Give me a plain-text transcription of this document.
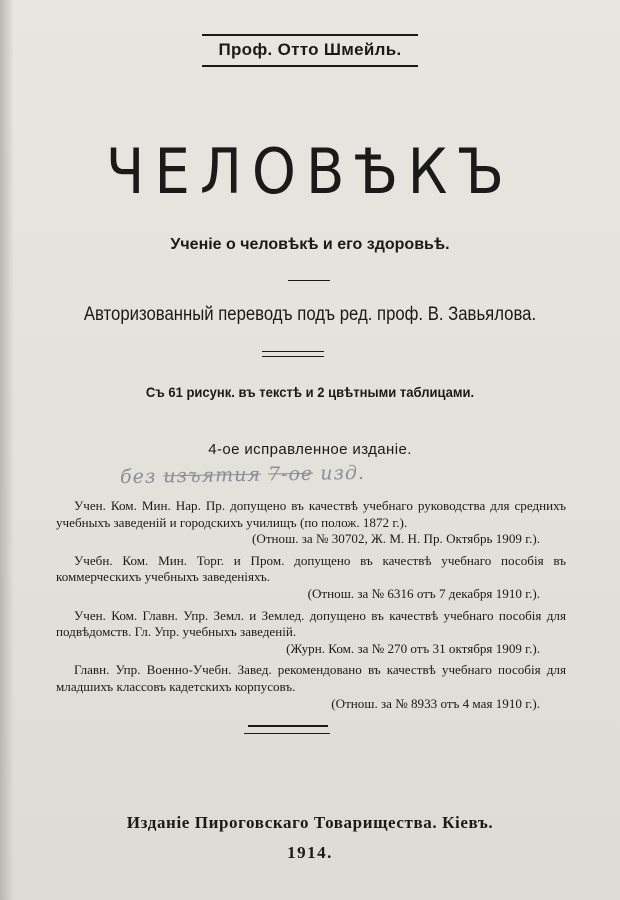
Проф. Отто Шмейль.
ЧЕЛОВѢКЪ
Ученіе о человѣкѣ и его здоровьѣ.
Авторизованный переводъ подъ ред. проф. В. Завьялова.
Съ 61 рисунк. въ текстѣ и 2 цвѣтными таблицами.
4-ое исправленное изданіе.
без изъятия 7-ое изд.

Учен. Ком. Мин. Нар. Пр. допущено въ качествѣ учебнаго руководства для среднихъ учебныхъ заведеній и городскихъ училищъ (по полож. 1872 г.).

(Отнош. за № 30702, Ж. М. Н. Пр. Октябрь 1909 г.).

Учебн. Ком. Мин. Торг. и Пром. допущено въ качествѣ учебнаго пособія въ коммерческихъ учебныхъ заведеніяхъ.

(Отнош. за № 6316 отъ 7 декабря 1910 г.).

Учен. Ком. Главн. Упр. Земл. и Землед. допущено въ качествѣ учебнаго пособія для подвѣдомств. Гл. Упр. учебныхъ заведеній.

(Журн. Ком. за № 270 отъ 31 октября 1909 г.).

Главн. Упр. Военно-Учебн. Завед. рекомендовано въ качествѣ учебнаго пособія для младшихъ классовъ кадетскихъ корпусовъ.

(Отнош. за № 8933 отъ 4 мая 1910 г.).

Изданіе Пироговскаго Товарищества. Кіевъ.
1914.
